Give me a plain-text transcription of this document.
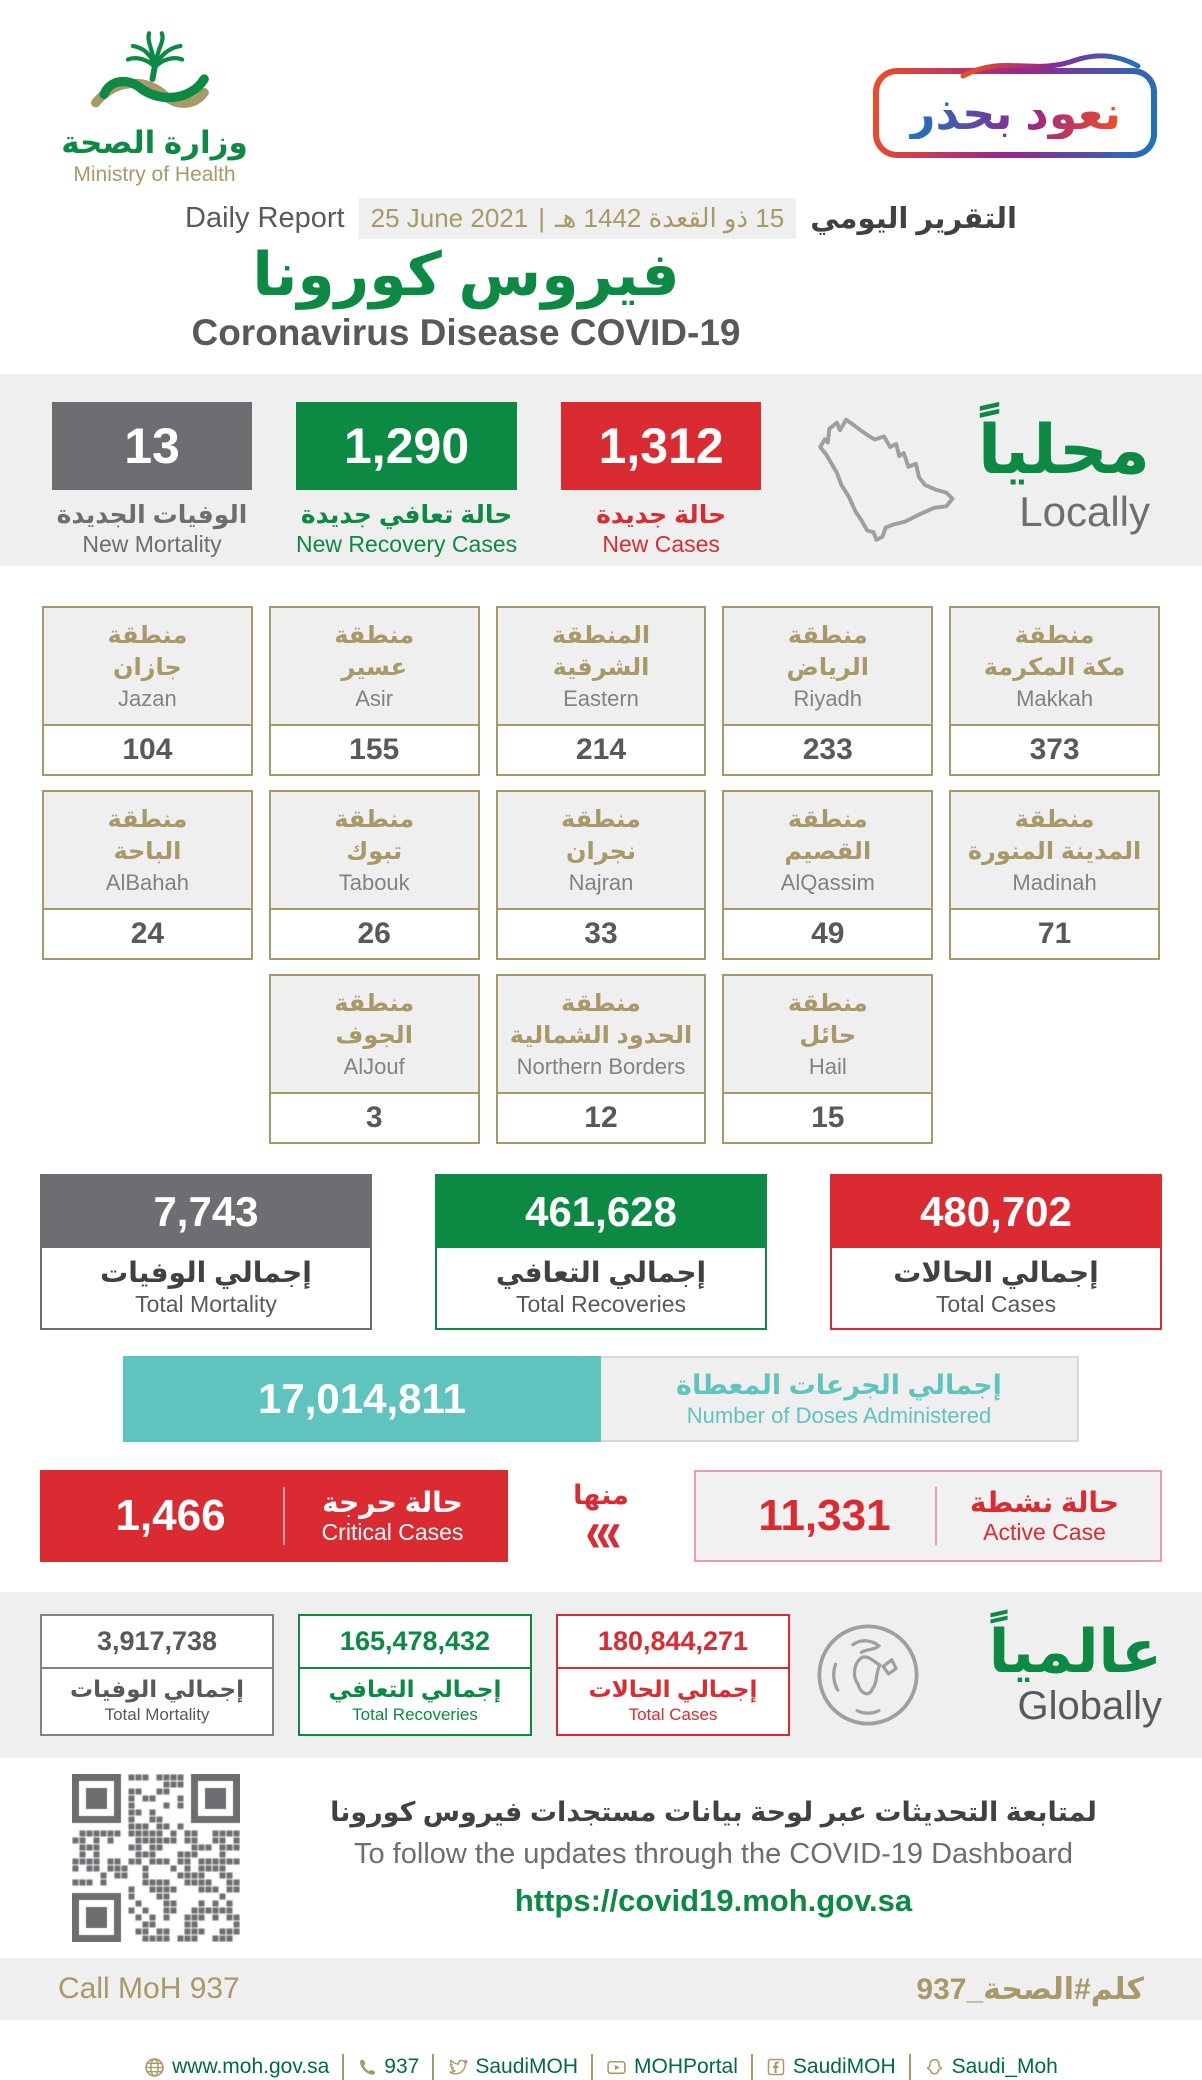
وزارة الصحة
Ministry of Health
نعود بحذر
Daily Report 25 June 2021 | 15 ذو القعدة 1442 هـ التقرير اليومي
فيروس كورونا
Coronavirus Disease COVID-19
13
الوفيات الجديدة
New Mortality
1,290
حالة تعافي جديدة
New Recovery Cases
1,312
حالة جديدة
New Cases
محلياً
Locally
منطقة
جازان
Jazan
104
منطقة
عسير
Asir
155
المنطقة
الشرقية
Eastern
214
منطقة
الرياض
Riyadh
233
منطقة
مكة المكرمة
Makkah
373
منطقة
الباحة
AlBahah
24
منطقة
تبوك
Tabouk
26
منطقة
نجران
Najran
33
منطقة
القصيم
AlQassim
49
منطقة
المدينة المنورة
Madinah
71
منطقة
الجوف
AlJouf
3
منطقة
الحدود الشمالية
Northern Borders
12
منطقة
حائل
Hail
15
7,743
إجمالي الوفيات
Total Mortality
461,628
إجمالي التعافي
Total Recoveries
480,702
إجمالي الحالات
Total Cases
17,014,811	إجمالي الجرعات المعطاة
Number of Doses Administered
1,466	حالة حرجة
Critical Cases
منها
‹‹‹	11,331	حالة نشطة
Active Case
3,917,738
إجمالي الوفيات
Total Mortality
165,478,432
إجمالي التعافي
Total Recoveries
180,844,271
إجمالي الحالات
Total Cases
عالمياً
Globally
لمتابعة التحديثات عبر لوحة بيانات مستجدات فيروس كورونا
To follow the updates through the COVID-19 Dashboard
https://covid19.moh.gov.sa
Call MoH 937	كلم#الصحة_937
www.moh.gov.sa	937	SaudiMOH	MOHPortal	SaudiMOH	Saudi_Moh
